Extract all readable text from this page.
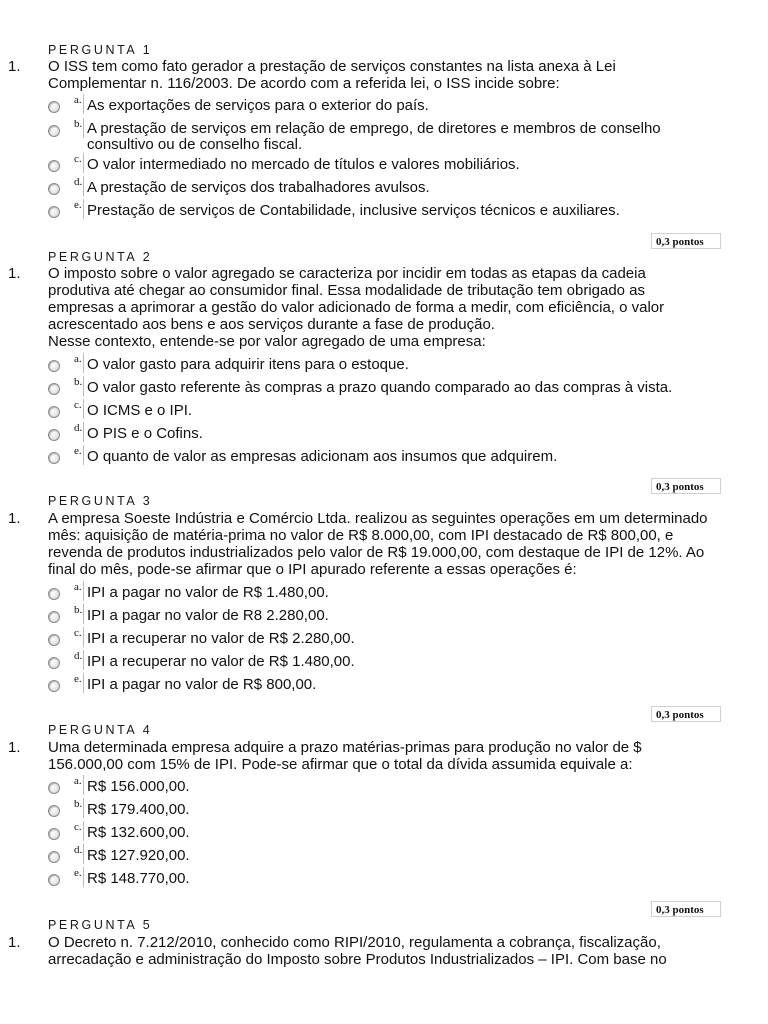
PERGUNTA 1
1. O ISS tem como fato gerador a prestação de serviços constantes na lista anexa à Lei Complementar n. 116/2003. De acordo com a referida lei, o ISS incide sobre:
a. As exportações de serviços para o exterior do país.
b. A prestação de serviços em relação de emprego, de diretores e membros de conselho consultivo ou de conselho fiscal.
c. O valor intermediado no mercado de títulos e valores mobiliários.
d. A prestação de serviços dos trabalhadores avulsos.
e. Prestação de serviços de Contabilidade, inclusive serviços técnicos e auxiliares.
0,3 pontos
PERGUNTA 2
1. O imposto sobre o valor agregado se caracteriza por incidir em todas as etapas da cadeia produtiva até chegar ao consumidor final. Essa modalidade de tributação tem obrigado as empresas a aprimorar a gestão do valor adicionado de forma a medir, com eficiência, o valor acrescentado aos bens e aos serviços durante a fase de produção.
Nesse contexto, entende-se por valor agregado de uma empresa:
a. O valor gasto para adquirir itens para o estoque.
b. O valor gasto referente às compras a prazo quando comparado ao das compras à vista.
c. O ICMS e o IPI.
d. O PIS e o Cofins.
e. O quanto de valor as empresas adicionam aos insumos que adquirem.
0,3 pontos
PERGUNTA 3
1. A empresa Soeste Indústria e Comércio Ltda. realizou as seguintes operações em um determinado mês: aquisição de matéria-prima no valor de R$ 8.000,00, com IPI destacado de R$ 800,00, e revenda de produtos industrializados pelo valor de R$ 19.000,00, com destaque de IPI de 12%. Ao final do mês, pode-se afirmar que o IPI apurado referente a essas operações é:
a. IPI a pagar no valor de R$ 1.480,00.
b. IPI a pagar no valor de R8 2.280,00.
c. IPI a recuperar no valor de R$ 2.280,00.
d. IPI a recuperar no valor de R$ 1.480,00.
e. IPI a pagar no valor de R$ 800,00.
0,3 pontos
PERGUNTA 4
1. Uma determinada empresa adquire a prazo matérias-primas para produção no valor de $ 156.000,00 com 15% de IPI. Pode-se afirmar que o total da dívida assumida equivale a:
a. R$ 156.000,00.
b. R$ 179.400,00.
c. R$ 132.600,00.
d. R$ 127.920,00.
e. R$ 148.770,00.
0,3 pontos
PERGUNTA 5
1. O Decreto n. 7.212/2010, conhecido como RIPI/2010, regulamenta a cobrança, fiscalização, arrecadação e administração do Imposto sobre Produtos Industrializados – IPI. Com base no
